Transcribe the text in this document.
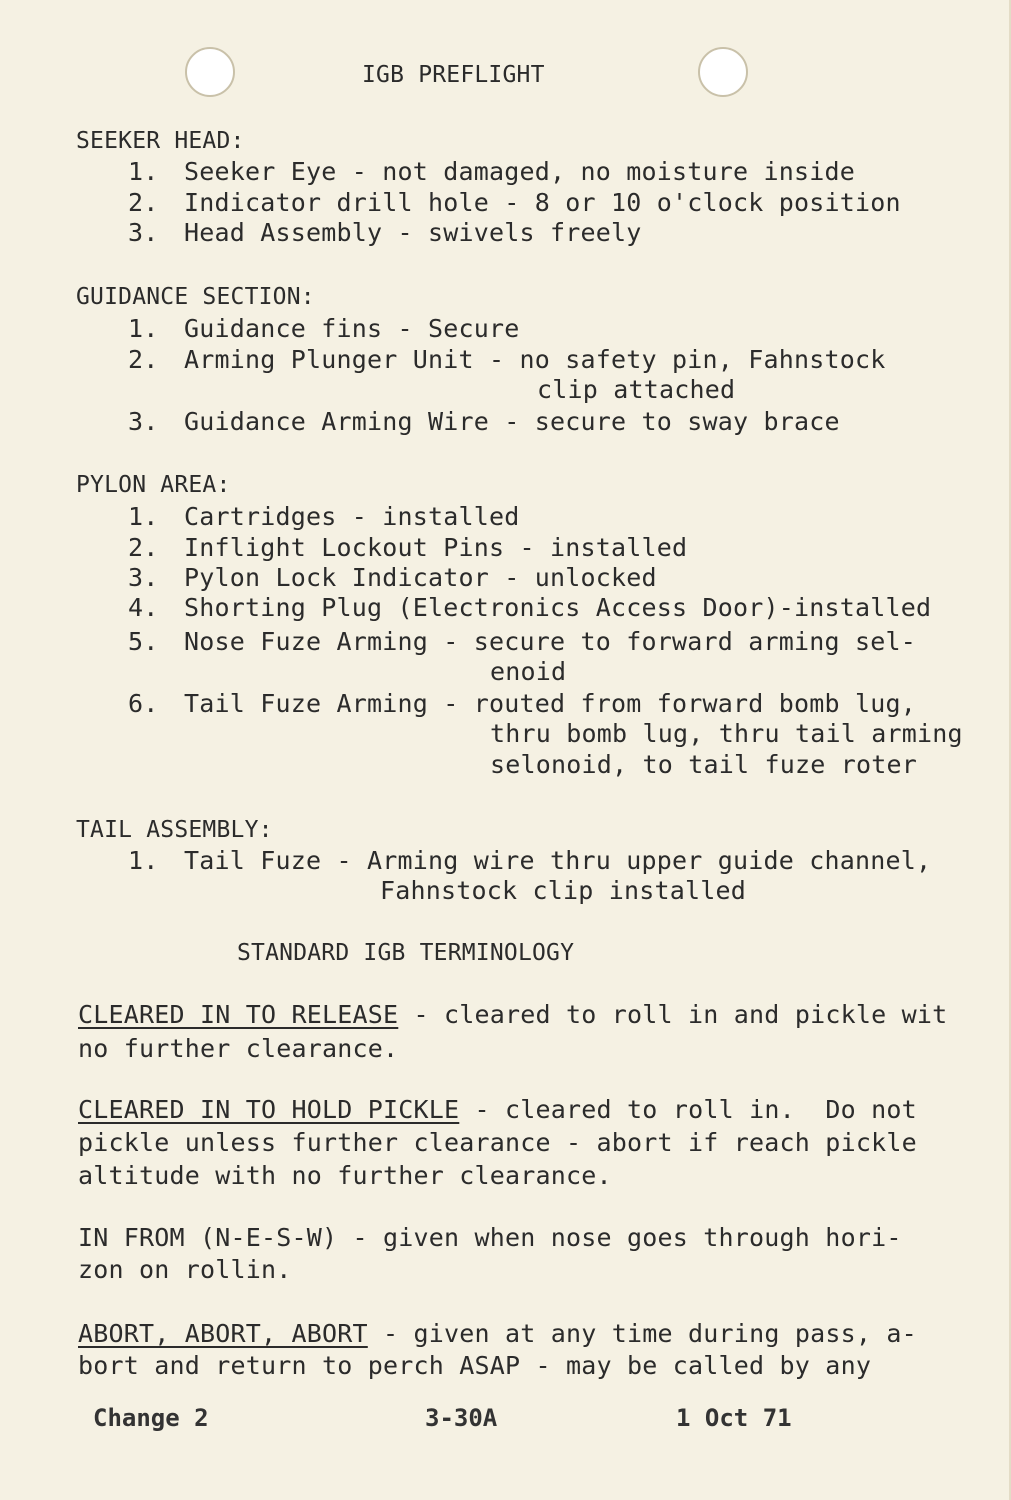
IGB PREFLIGHT
SEEKER HEAD:
1. Seeker Eye - not damaged, no moisture inside
2. Indicator drill hole - 8 or 10 o'clock position
3. Head Assembly - swivels freely
GUIDANCE SECTION:
1. Guidance fins - Secure
2. Arming Plunger Unit - no safety pin, Fahnstock
clip attached
3. Guidance Arming Wire - secure to sway brace
PYLON AREA:
1. Cartridges - installed
2. Inflight Lockout Pins - installed
3. Pylon Lock Indicator - unlocked
4. Shorting Plug (Electronics Access Door)-installed
5. Nose Fuze Arming - secure to forward arming sel-
enoid
6. Tail Fuze Arming - routed from forward bomb lug,
thru bomb lug, thru tail arming
selonoid, to tail fuze roter
TAIL ASSEMBLY:
1. Tail Fuze - Arming wire thru upper guide channel,
Fahnstock clip installed
STANDARD IGB TERMINOLOGY
CLEARED IN TO RELEASE - cleared to roll in and pickle wit
no further clearance.
CLEARED IN TO HOLD PICKLE - cleared to roll in.  Do not
pickle unless further clearance - abort if reach pickle
altitude with no further clearance.
IN FROM (N-E-S-W) - given when nose goes through hori-
zon on rollin.
ABORT, ABORT, ABORT - given at any time during pass, a-
bort and return to perch ASAP - may be called by any
Change 2	3-30A	1 Oct 71
